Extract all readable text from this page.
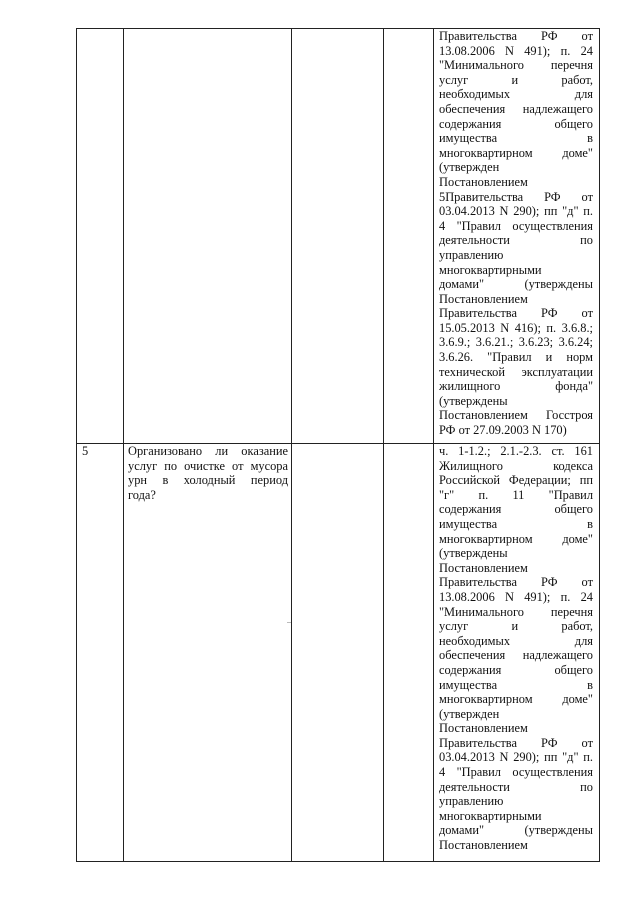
Правительства РФ от
13.08.2006 N 491); п. 24
"Минимального перечня
услуг и работ,
необходимых для
обеспечения надлежащего
содержания общего
имущества в
многоквартирном доме"
(утвержден
Постановлением
5Правительства РФ от
03.04.2013 N 290); пп "д" п.
4 "Правил осуществления
деятельности по
управлению
многоквартирными
домами" (утверждены
Постановлением
Правительства РФ от
15.05.2013 N 416); п. 3.6.8.;
3.6.9.; 3.6.21.; 3.6.23; 3.6.24;
3.6.26. "Правил и норм
технической эксплуатации
жилищного фонда"
(утверждены
Постановлением Госстроя
РФ от 27.09.2003 N 170)
5	Организовано ли оказание
услуг по очистке от мусора
урн в холодный период
года?
ч. 1-1.2.; 2.1.-2.3. ст. 161
Жилищного кодекса
Российской Федерации; пп
"г" п. 11 "Правил
содержания общего
имущества в
многоквартирном доме"
(утверждены
Постановлением
Правительства РФ от
13.08.2006 N 491); п. 24
"Минимального перечня
услуг и работ,
необходимых для
обеспечения надлежащего
содержания общего
имущества в
многоквартирном доме"
(утвержден
Постановлением
Правительства РФ от
03.04.2013 N 290); пп "д" п.
4 "Правил осуществления
деятельности по
управлению
многоквартирными
домами" (утверждены
Постановлением
